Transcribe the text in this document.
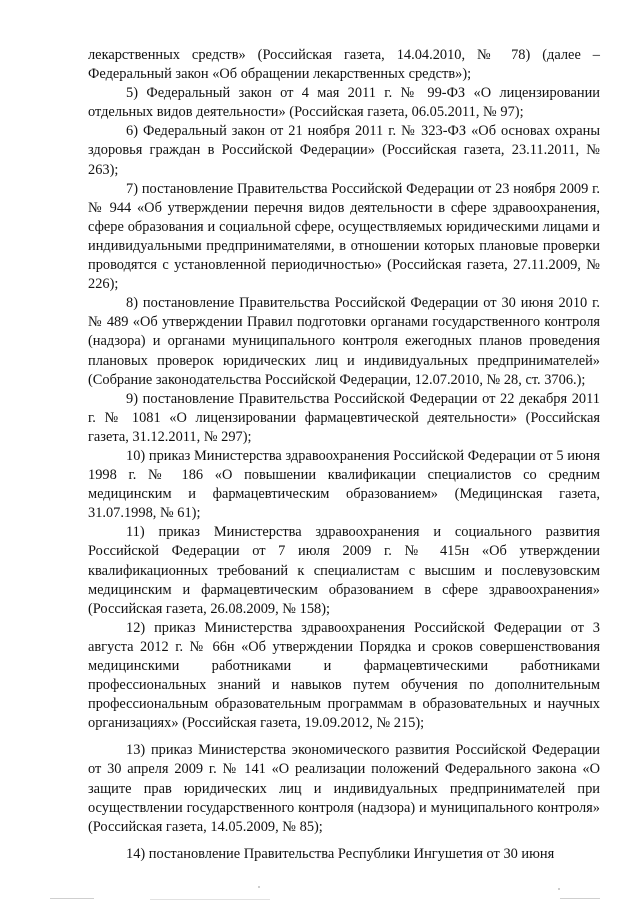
лекарственных средств» (Российская газета, 14.04.2010, № 78) (далее – Федеральный закон «Об обращении лекарственных средств»);

5) Федеральный закон от 4 мая 2011 г. № 99-ФЗ «О лицензировании отдельных видов деятельности» (Российская газета, 06.05.2011, № 97);

6) Федеральный закон от 21 ноября 2011 г. № 323-ФЗ «Об основах охраны здоровья граждан в Российской Федерации» (Российская газета, 23.11.2011, № 263);

7) постановление Правительства Российской Федерации от 23 ноября 2009 г. № 944 «Об утверждении перечня видов деятельности в сфере здравоохранения, сфере образования и социальной сфере, осуществляемых юридическими лицами и индивидуальными предпринимателями, в отношении которых плановые проверки проводятся с установленной периодичностью» (Российская газета, 27.11.2009, № 226);

8) постановление Правительства Российской Федерации от 30 июня 2010 г. № 489 «Об утверждении Правил подготовки органами государственного контроля (надзора) и органами муниципального контроля ежегодных планов проведения плановых проверок юридических лиц и индивидуальных предпринимателей» (Собрание законодательства Российской Федерации, 12.07.2010, № 28, ст. 3706.);

9) постановление Правительства Российской Федерации от 22 декабря 2011 г. № 1081 «О лицензировании фармацевтической деятельности» (Российская газета, 31.12.2011, № 297);

10) приказ Министерства здравоохранения Российской Федерации от 5 июня 1998 г. № 186 «О повышении квалификации специалистов со средним медицинским и фармацевтическим образованием» (Медицинская газета, 31.07.1998, № 61);

11) приказ Министерства здравоохранения и социального развития Российской Федерации от 7 июля 2009 г. № 415н «Об утверждении квалификационных требований к специалистам с высшим и послевузовским медицинским и фармацевтическим образованием в сфере здравоохранения» (Российская газета, 26.08.2009, № 158);

12) приказ Министерства здравоохранения Российской Федерации от 3 августа 2012 г. № 66н «Об утверждении Порядка и сроков совершенствования медицинскими работниками и фармацевтическими работниками профессиональных знаний и навыков путем обучения по дополнительным профессиональным образовательным программам в образовательных и научных организациях» (Российская газета, 19.09.2012, № 215);

13) приказ Министерства экономического развития Российской Федерации от 30 апреля 2009 г. № 141 «О реализации положений Федерального закона «О защите прав юридических лиц и индивидуальных предпринимателей при осуществлении государственного контроля (надзора) и муниципального контроля» (Российская газета, 14.05.2009, № 85);

14) постановление Правительства Республики Ингушетия от 30 июня
